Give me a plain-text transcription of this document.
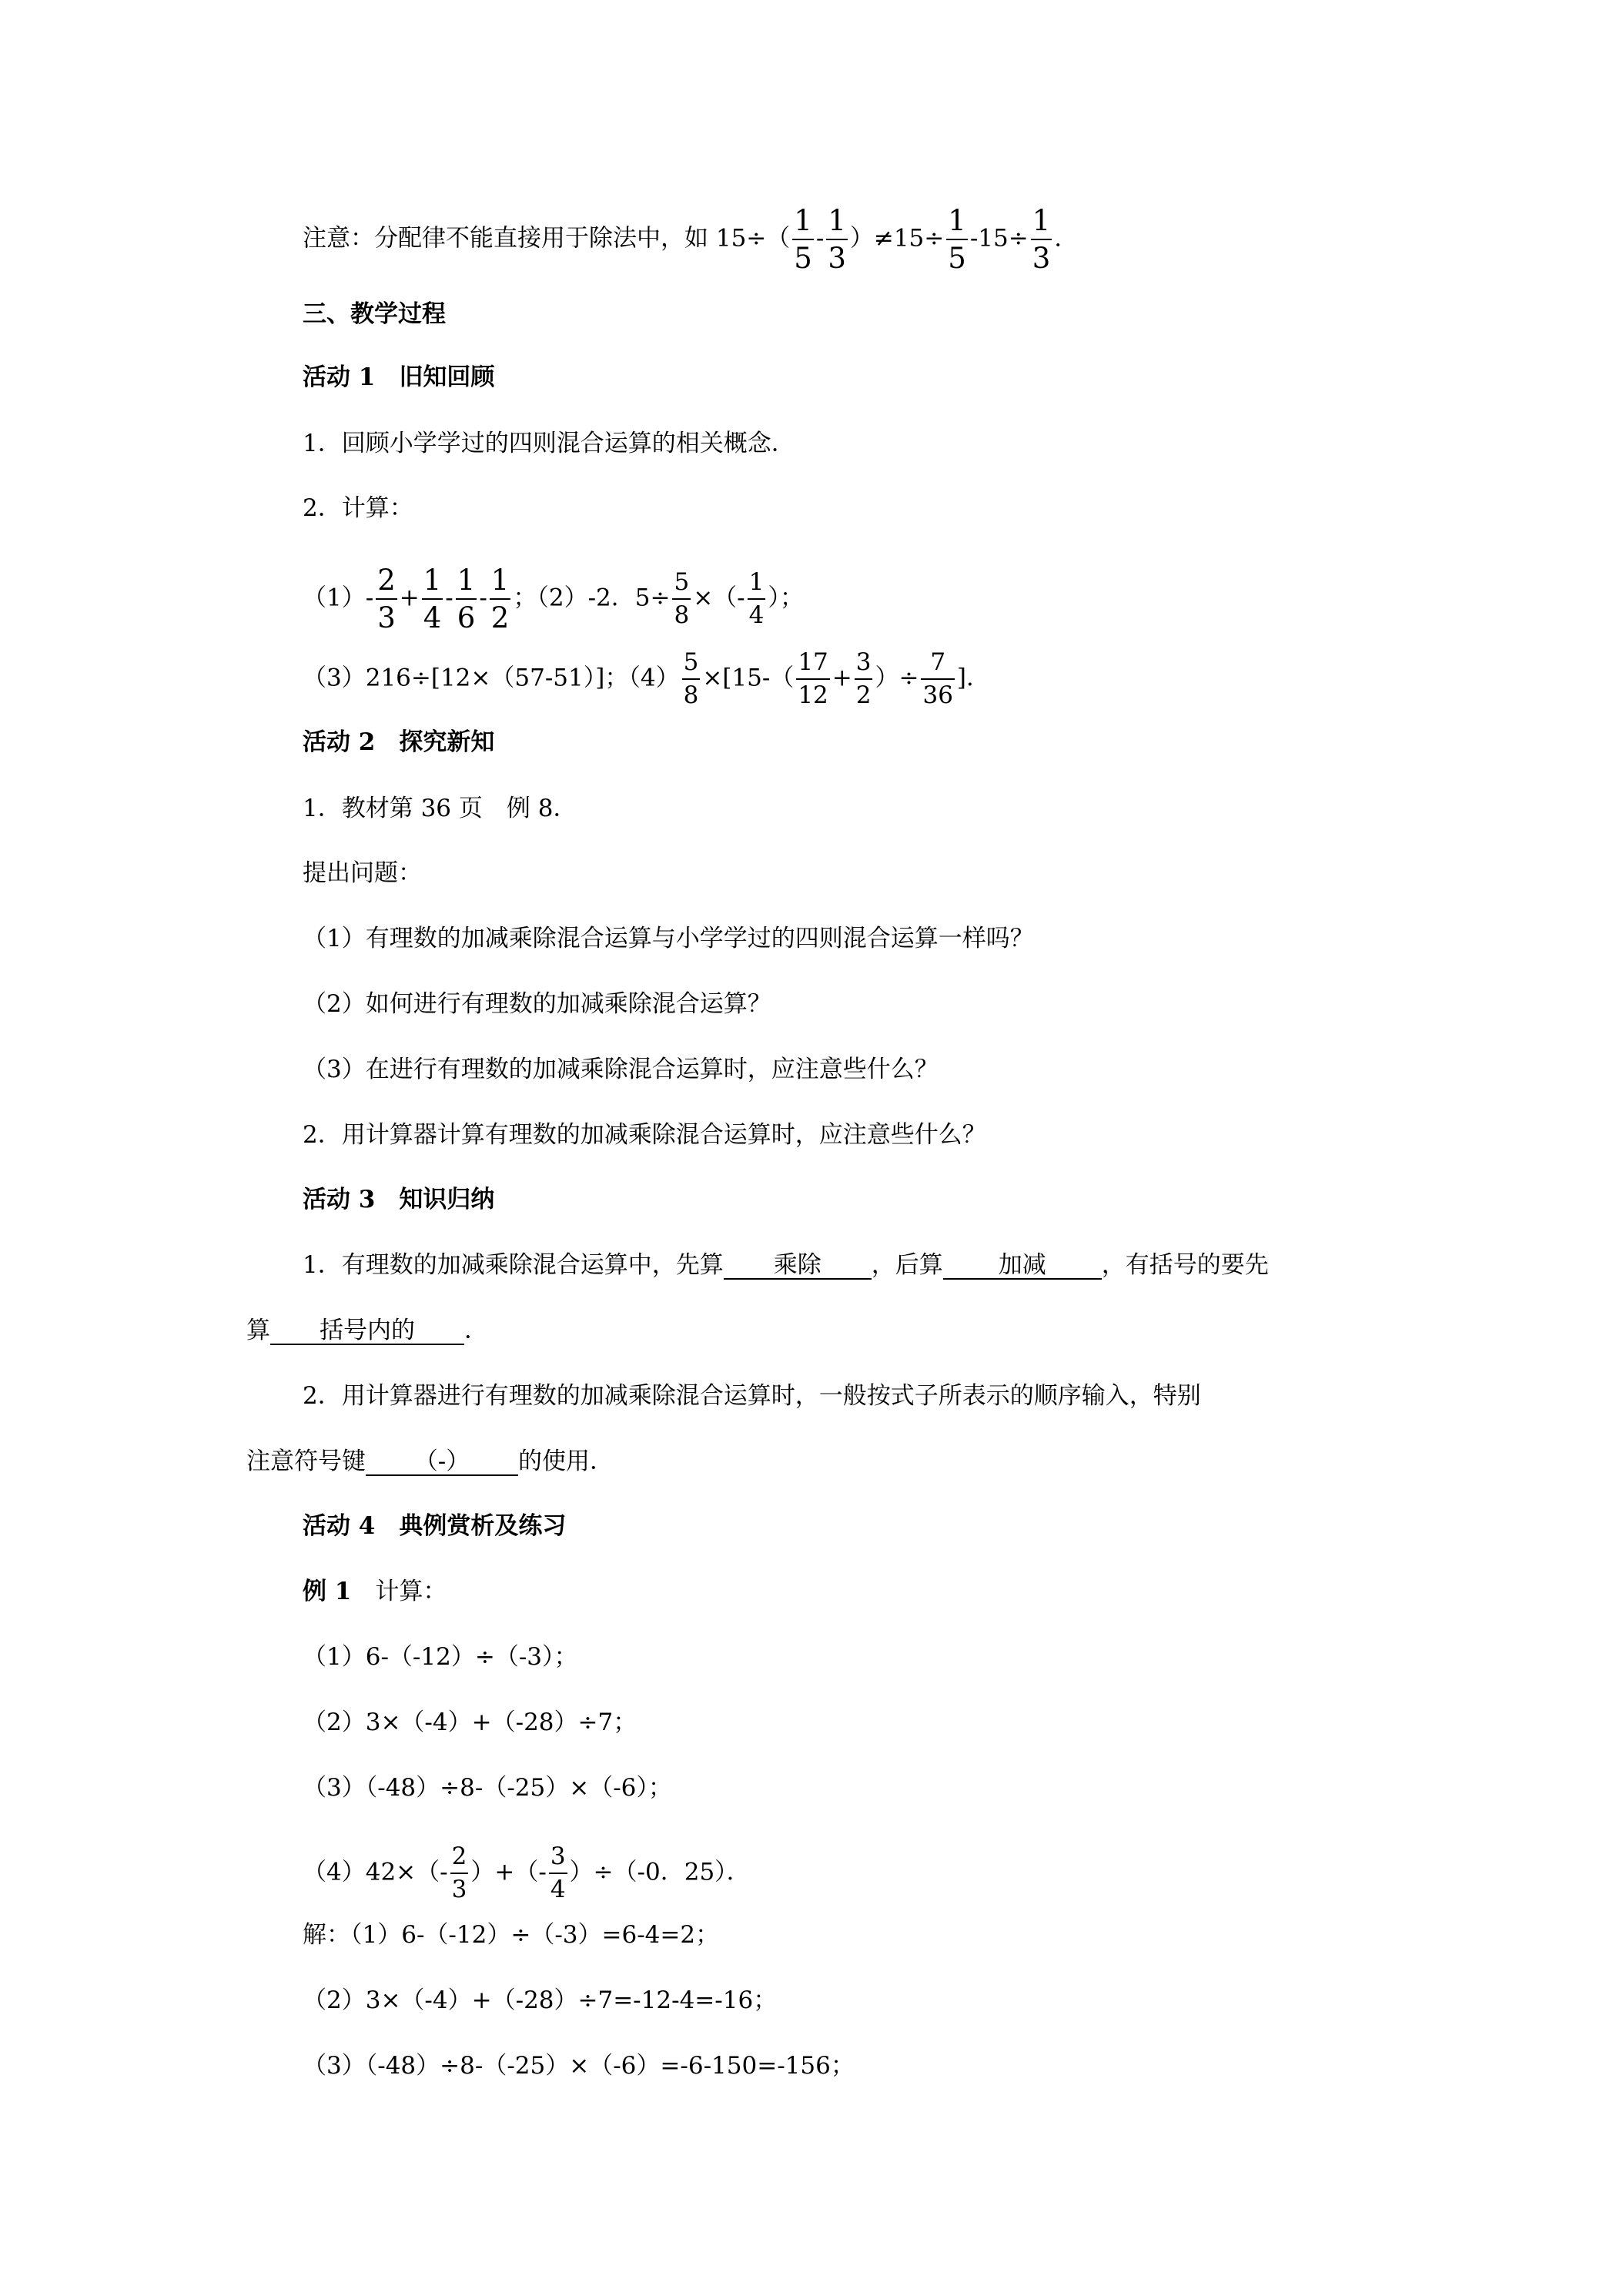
注意：分配律不能直接用于除法中，如 $15\div( \frac{1}{5} - \frac{1}{3} )\ne 15\div \frac{1}{5} -15\div \frac{1}{3}$ .
三、教学过程
活动 1　旧知回顾
1．回顾小学学过的四则混合运算的相关概念．
2．计算：
$(1)- \frac{2}{3} + \frac{1}{4} - \frac{1}{6} - \frac{1}{2}$ ；（2）-2．$5\div \frac{5}{8}$ ×（- $\frac{1}{4}$ ）；
（3）216÷[12×（57-51）]；$(4) \frac{5}{8} \times[15-( \frac{17}{12} + \frac{3}{2}$ ）÷ $\frac{7}{36}$ ]．
活动 2　探究新知
1．教材第 36 页　例 8．
提出问题：
（1）有理数的加减乘除混合运算与小学学过的四则混合运算一样吗？
（2）如何进行有理数的加减乘除混合运算？
（3）在进行有理数的加减乘除混合运算时，应注意些什么？
2．用计算器计算有理数的加减乘除混合运算时，应注意些什么？
活动 3　知识归纳
1．有理数的加减乘除混合运算中，先算 乘除 ，后算 加减 ，有括号的要先
算 括号内的 ．
2．用计算器进行有理数的加减乘除混合运算时，一般按式子所表示的顺序输入，特别
注意符号键 （-） 的使用．
活动 4　典例赏析及练习
例 1　 计算：
（1）6-（-12）÷（-3）；
（2）3×（-4）+（-28）÷7；
（3）（-48）÷8-（-25）×（-6）；
$(4)42\times(- \frac{2}{3}$ ）+（- $\frac{3}{4} )\div(-0$．25）．
解：（1）6-（-12）÷（-3）=6-4=2；
（2）3×（-4）+（-28）÷7=-12-4=-16；
（3）（-48）÷8-（-25）×（-6）=-6-150=-156；
